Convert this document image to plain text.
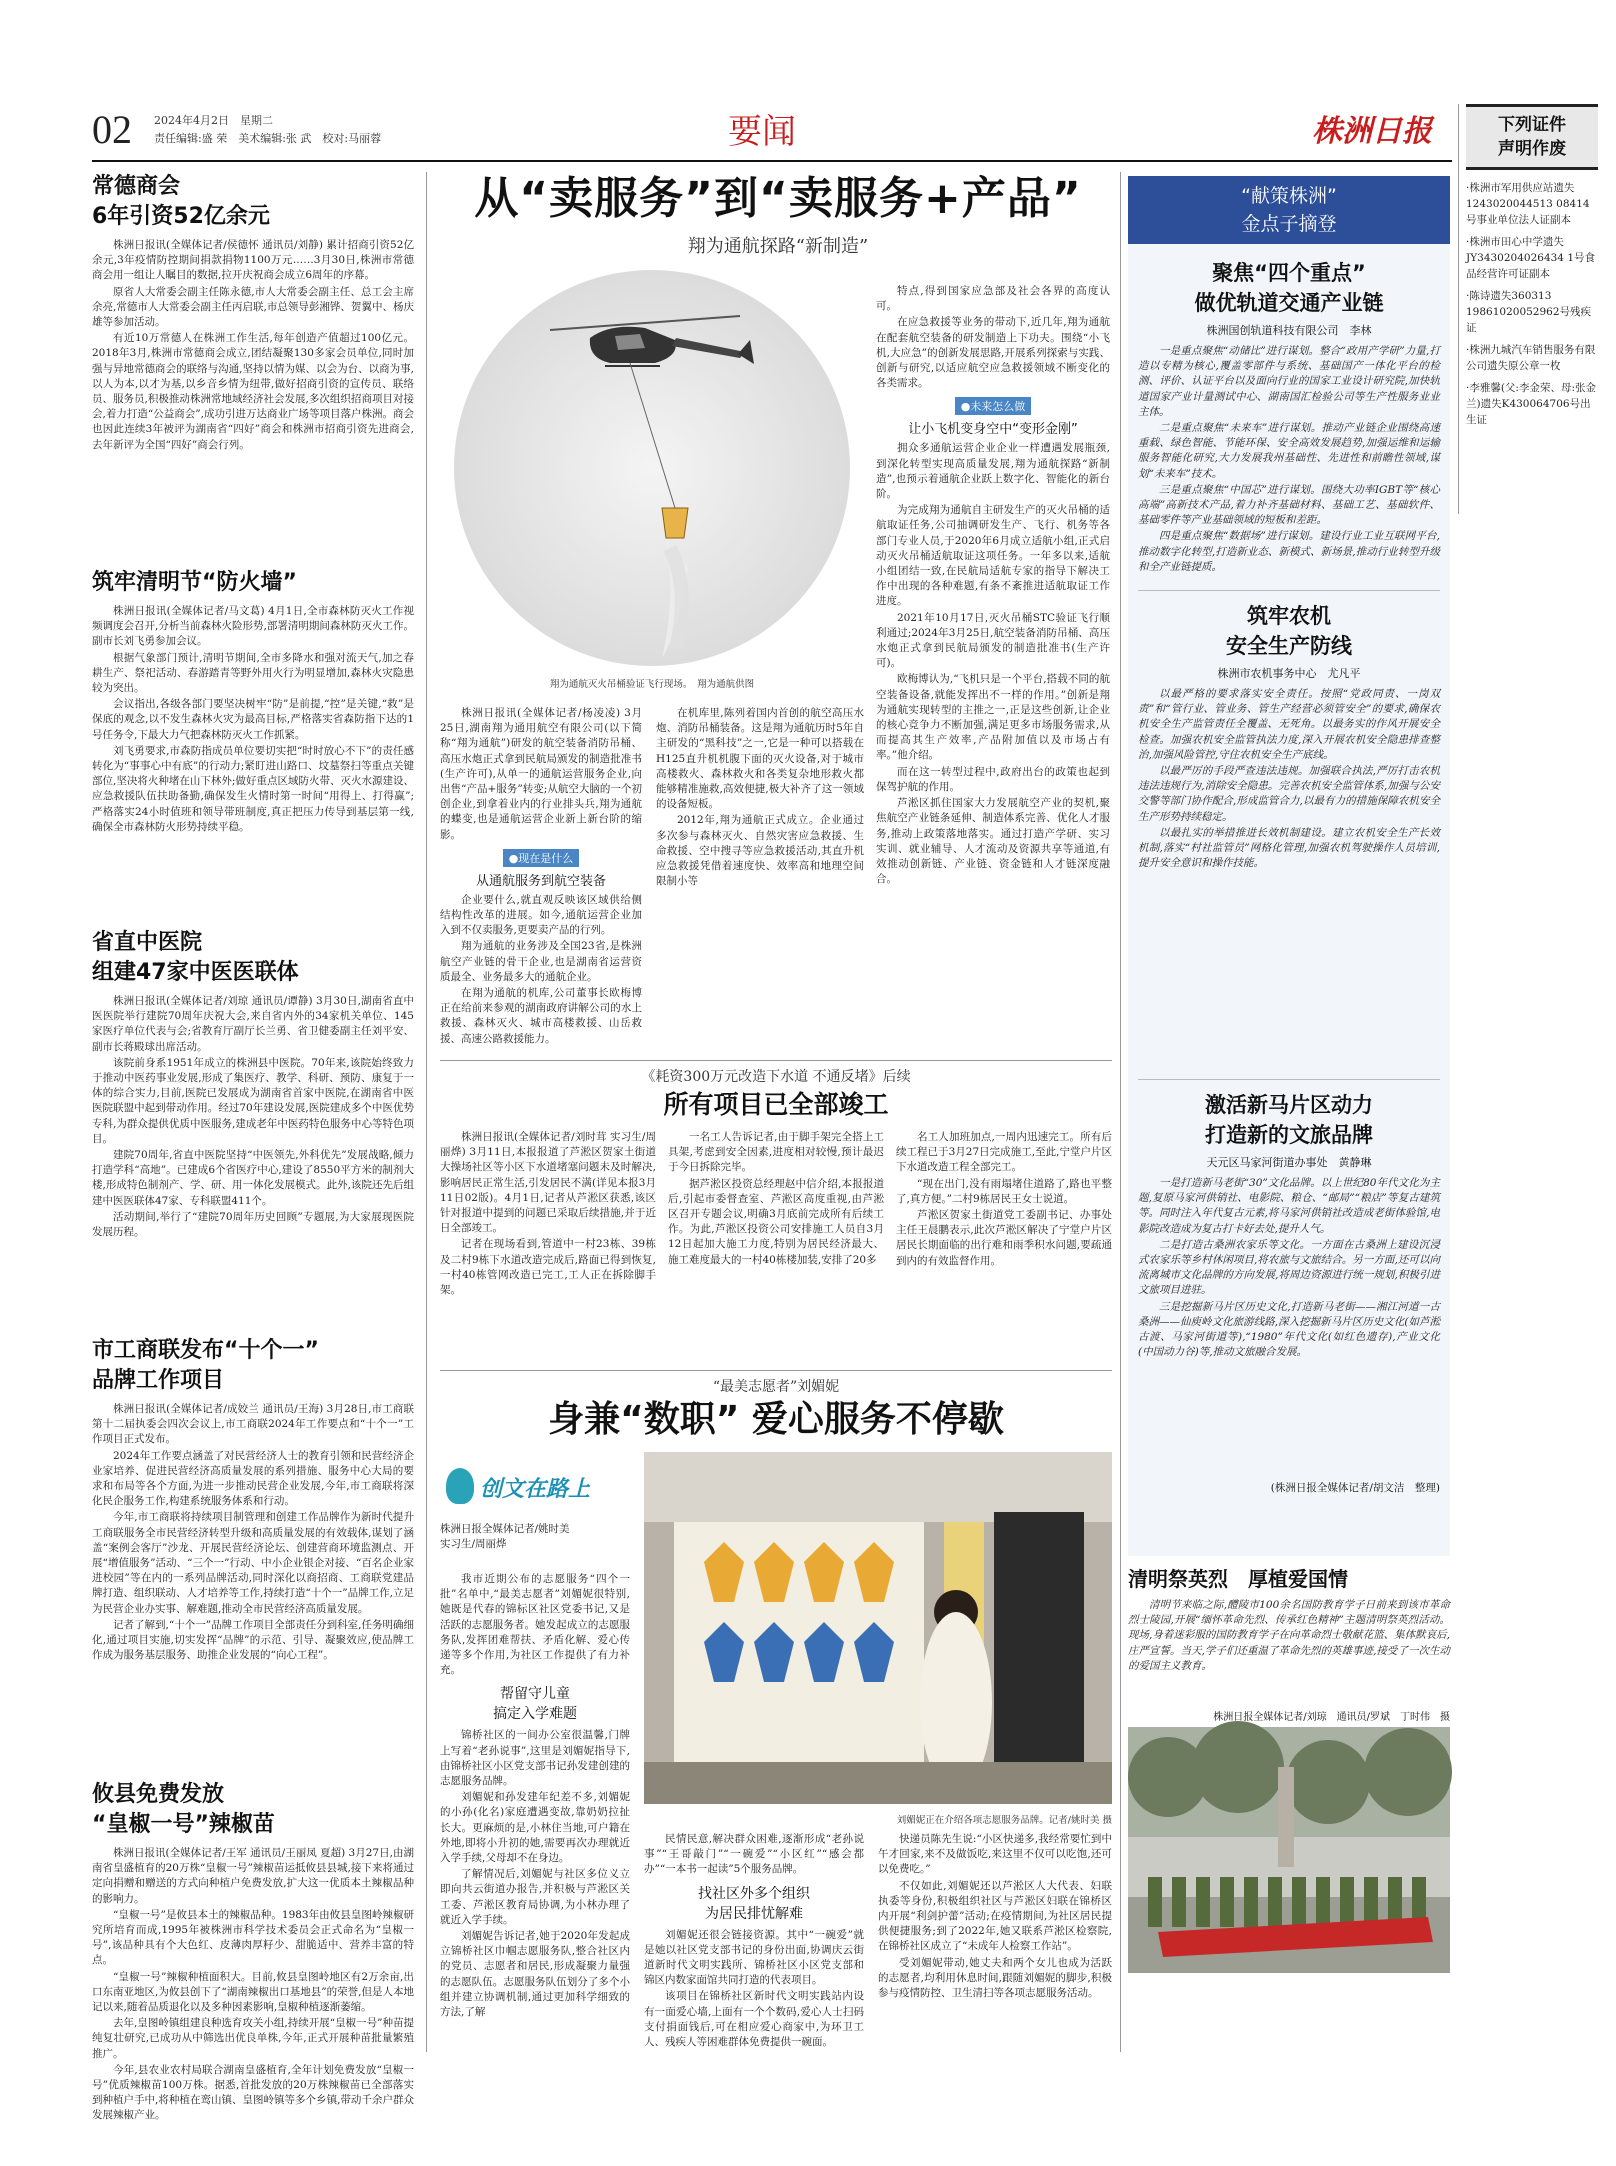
02 2024年4月2日　星期二
责任编辑:盛 荣　美术编辑:张 武　校对:马丽蓉	要闻	株洲日报	下列证件
声明作废
·株洲市军用供应站遗失1243020044513 08414号事业单位法人证副本
·株洲市田心中学遗失JY3430204026434 1号食品经营许可证副本
·陈诗遗失360313 19861020052962号残疾证
·株洲九城汽车销售服务有限公司遗失原公章一枚
·李雅馨(父:李金荣、母:张金兰)遗失K430064706号出生证
常德商会
6年引资52亿余元

株洲日报讯(全媒体记者/侯德怀 通讯员/刘静) 累计招商引资52亿余元,3年疫情防控期间捐款捐物1100万元……3月30日,株洲市常德商会用一组让人瞩目的数据,拉开庆祝商会成立6周年的序幕。

原省人大常委会副主任陈永德,市人大常委会副主任、总工会主席余亮,常德市人大常委会副主任丙启联,市总领导彭湘铧、贺翼中、杨庆雄等参加活动。

有近10万常德人在株洲工作生活,每年创造产值超过100亿元。2018年3月,株洲市常德商会成立,团结凝聚130多家会员单位,同时加强与异地常德商会的联络与沟通,坚持以情为媒、以会为台、以商为事,以人为本,以才为基,以乡音乡情为纽带,做好招商引资的宣传员、联络员、服务员,积极推动株洲常地域经济社会发展,多次组织招商项目对接会,着力打造“公益商会”,成功引进万达商业广场等项目落户株洲。商会也因此连续3年被评为湖南省“四好”商会和株洲市招商引资先进商会,去年新评为全国“四好”商会行列。

筑牢清明节“防火墙”

株洲日报讯(全媒体记者/马文葛) 4月1日,全市森林防灭火工作视频调度会召开,分析当前森林火险形势,部署清明期间森林防灭火工作。副市长刘飞勇参加会议。

根据气象部门预计,清明节期间,全市多降水和强对流天气,加之春耕生产、祭祀活动、春游踏青等野外用火行为明显增加,森林火灾隐患较为突出。

会议指出,各级各部门要坚决树牢“防”是前提,“控”是关键,“救”是保底的观念,以不发生森林火灾为最高目标,严格落实省森防指下达的1号任务令,下最大力气把森林防灭火工作抓紧。

刘飞勇要求,市森防指成员单位要切实把“时时放心不下”的责任感转化为“事事心中有底”的行动力;紧盯进山路口、坟墓祭扫等重点关键部位,坚决将火种堵在山下林外;做好重点区域防火带、灭火水源建设、应急救援队伍扶助备勤,确保发生火情时第一时间“用得上、打得赢”;严格落实24小时值班和领导带班制度,真正把压力传导到基层第一线,确保全市森林防火形势持续平稳。

省直中医院
组建47家中医医联体

株洲日报讯(全媒体记者/刘琼 通讯员/谭静) 3月30日,湖南省直中医医院举行建院70周年庆祝大会,来自省内外的34家机关单位、145家医疗单位代表与会;省教育厅副厅长兰勇、省卫健委副主任刘平安、副市长蒋殿球出席活动。

该院前身系1951年成立的株洲县中医院。70年来,该院始终致力于推动中医药事业发展,形成了集医疗、教学、科研、预防、康复于一体的综合实力,目前,医院已发展成为湖南省首家中医院,在湖南省中医医院联盟中起到带动作用。经过70年建设发展,医院建成多个中医优势专科,为群众提供优质中医服务,建成老年中医药特色服务中心等特色项目。

建院70周年,省直中医院坚持“中医领先,外科优先”发展战略,倾力打造学科“高地”。已建成6个省医疗中心,建设了8550平方米的制剂大楼,形成特色制剂产、学、研、用一体化发展模式。此外,该院还先后组建中医医联体47家、专科联盟411个。

活动期间,举行了“建院70周年历史回顾”专题展,为大家展现医院发展历程。

市工商联发布“十个一”
品牌工作项目

株洲日报讯(全媒体记者/成姣兰 通讯员/王海) 3月28日,市工商联第十二届执委会四次会议上,市工商联2024年工作要点和“十个一”工作项目正式发布。

2024年工作要点涵盖了对民营经济人士的教育引领和民营经济企业家培养、促进民营经济高质量发展的系列措施、服务中心大局的要求和布局等各个方面,为进一步推动民营企业发展,今年,市工商联将深化民企服务工作,构建系统服务体系和行动。

今年,市工商联将持续项目制管理和创建工作品牌作为新时代提升工商联服务全市民营经济转型升级和高质量发展的有效载体,谋划了涵盖“案例会客厅”沙龙、开展民营经济论坛、创建营商环境监测点、开展“增值服务”活动、“三个一”行动、中小企业银企对接、“百名企业家进校园”等在内的一系列品牌活动,同时深化以商招商、工商联党建品牌打造、组织联动、人才培养等工作,持续打造“十个一”品牌工作,立足为民营企业办实事、解难题,推动全市民营经济高质量发展。

记者了解到,“十个一”品牌工作项目全部责任分到科室,任务明确细化,通过项目实施,切实发挥“品牌”的示范、引导、凝聚效应,使品牌工作成为服务基层服务、助推企业发展的“向心工程”。

攸县免费发放
“皇椒一号”辣椒苗

株洲日报讯(全媒体记者/王军 通讯员/王丽凤 夏超) 3月27日,由湖南省皇盛植育的20万株“皇椒一号”辣椒苗运抵攸县县城,接下来将通过定向捐赠和赠送的方式向种植户免费发放,扩大这一优质本土辣椒品种的影响力。

“皇椒一号”是攸县本土的辣椒品种。1983年由攸县皇图岭辣椒研究所培育而成,1995年被株洲市科学技术委员会正式命名为“皇椒一号”,该品种具有个大色红、皮薄肉厚籽少、甜脆适中、营养丰富的特点。

“皇椒一号”辣椒种植面积大。目前,攸县皇图岭地区有2万余亩,出口东南亚地区,为攸县创下了“湖南辣椒出口基地县”的荣誉,但是人本地记以来,随着品质退化以及多种因素影响,皇椒种植逐渐萎缩。

去年,皇图岭镇组建良种选育攻关小组,持续开展“皇椒一号”种苗提纯复壮研究,已成功从中筛选出优良单株,今年,正式开展种苗批量繁殖推广。

今年,县农业农村局联合湖南皇盛植育,全年计划免费发放“皇椒一号”优质辣椒苗100万株。据悉,首批发放的20万株辣椒苗已全部落实到种植户手中,将种植在鸾山镇、皇图岭镇等多个乡镇,带动千余户群众发展辣椒产业。

从“卖服务”到“卖服务+产品”
翔为通航探路“新制造”
翔为通航灭火吊桶验证飞行现场。　翔为通航供图

特点,得到国家应急部及社会各界的高度认可。

在应急救援等业务的带动下,近几年,翔为通航在配套航空装备的研发制造上下功夫。围绕“小飞机,大应急”的创新发展思路,开展系列探索与实践、创新与研究,以适应航空应急救援领域不断变化的各类需求。

●未来怎么做
让小飞机变身空中“变形金刚”

拥众多通航运营企业企业一样遭遇发展瓶颈,到深化转型实现高质量发展,翔为通航探路“新制造”,也预示着通航企业跃上数字化、智能化的新台阶。

为完成翔为通航自主研发生产的灭火吊桶的适航取证任务,公司抽调研发生产、飞行、机务等各部门专业人员,于2020年6月成立适航小组,正式启动灭火吊桶适航取证这项任务。一年多以来,适航小组团结一致,在民航局适航专家的指导下解决工作中出现的各种难题,有条不紊推进适航取证工作进度。

2021年10月17日,灭火吊桶STC验证飞行顺利通过;2024年3月25日,航空装备消防吊桶、高压水炮正式拿到民航局颁发的制造批准书(生产许可)。

欧梅博认为,“飞机只是一个平台,搭载不同的航空装备设备,就能发挥出不一样的作用。”创新是翔为通航实现转型的主推之一,正是这些创新,让企业的核心竞争力不断加强,满足更多市场服务需求,从而提高其生产效率,产品附加值以及市场占有率。”他介绍。

而在这一转型过程中,政府出台的政策也起到保驾护航的作用。

芦淞区抓住国家大力发展航空产业的契机,聚焦航空产业链条延伸、制造体系完善、优化人才服务,推动上政策落地落实。通过打造产学研、实习实训、就业辅导、人才流动及资源共享等通道,有效推动创新链、产业链、资金链和人才链深度融合。

株洲日报讯(全媒体记者/杨凌凌) 3月25日,湖南翔为通用航空有限公司(以下简称“翔为通航”)研发的航空装备消防吊桶、高压水炮正式拿到民航局颁发的制造批准书(生产许可),从单一的通航运营服务企业,向出售“产品+服务”转变;从航空大脑的一个初创企业,到拿着业内的行业排头兵,翔为通航的蝶变,也是通航运营企业新上新台阶的缩影。

●现在是什么
从通航服务到航空装备

企业要什么,就直观反映该区域供给侧结构性改革的进展。如今,通航运营企业加入到不仅卖服务,更要卖产品的行列。

翔为通航的业务涉及全国23省,是株洲航空产业链的骨干企业,也是湖南省运营资质最全、业务最多大的通航企业。

在翔为通航的机库,公司董事长欧梅博正在给前来参观的湖南政府讲解公司的水上救援、森林灭火、城市高楼救援、山岳救援、高速公路救援能力。

在机库里,陈列着国内首创的航空高压水炮、消防吊桶装备。这是翔为通航历时5年自主研发的“黑科技”之一,它是一种可以搭载在H125直升机机腹下面的灭火设备,对于城市高楼救火、森林救火和各类复杂地形救火都能够精准施救,高效便捷,极大补齐了这一领域的设备短板。

2012年,翔为通航正式成立。企业通过多次参与森林灭火、自然灾害应急救援、生命救援、空中搜寻等应急救援活动,其直升机应急救援凭借着速度快、效率高和地理空间限制小等

《耗资300万元改造下水道 不通反堵》后续
所有项目已全部竣工

株洲日报讯(全媒体记者/刘时茸 实习生/周丽烨) 3月11日,本报报道了芦淞区贺家土街道大操场社区等小区下水道堵塞问题未及时解决,影响居民正常生活,引发居民不满(详见本报3月11日02版)。4月1日,记者从芦淞区获悉,该区针对报道中提到的问题已采取后续措施,并于近日全部竣工。

记者在现场看到,管道中一村23栋、39栋及二村9栋下水道改造完成后,路面已得到恢复,一村40栋管网改造已完工,工人正在拆除脚手架。

一名工人告诉记者,由于脚手架完全搭上工具架,考虑到安全因素,进度相对较慢,预计最迟于今日拆除完毕。

据芦淞区投资总经理赵中信介绍,本报报道后,引起市委督查室、芦淞区高度重视,由芦淞区召开专题会议,明确3月底前完成所有后续工作。为此,芦淞区投资公司安排施工人员自3月12日起加大施工力度,特别为居民经济最大、施工难度最大的一村40栋楼加装,安排了20多

名工人加班加点,一周内迅速完工。所有后续工程已于3月27日完成施工,至此,宁堂户片区下水道改造工程全部完工。

“现在出门,没有雨塌堵住道路了,路也平整了,真方便。”二村9栋居民王女士说道。

芦淞区贺家土街道党工委副书记、办事处主任王晨鹏表示,此次芦淞区解决了宁堂户片区居民长期面临的出行难和雨季积水问题,要疏通到内的有效监督作用。

“最美志愿者”刘媚妮
身兼“数职” 爱心服务不停歇
创文在路上
株洲日报全媒体记者/姚时美
实习生/周丽烨

我市近期公布的志愿服务“四个一批”名单中,“最美志愿者”刘媚妮很特别,她既是代春的锦标区社区党委书记,又是活跃的志愿服务者。她发起成立的志愿服务队,发挥团难帮扶、矛盾化解、爱心传递等多个作用,为社区工作提供了有力补充。

帮留守儿童
搞定入学难题

锦桥社区的一间办公室很温馨,门牌上写着“老孙说事”,这里是刘媚妮指导下,由锦桥社区小区党支部书记孙发建创建的志愿服务品牌。

刘媚妮和孙发建年纪差不多,刘媚妮的小孙(化名)家庭遭遇变故,靠奶奶拉扯长大。更麻烦的是,小林住当地,可户籍在外地,即将小升初的她,需要再次办理就近入学手续,父母却不在身边。

了解情况后,刘媚妮与社区多位义立即向共云街道办报告,并积极与芦淞区关工委、芦淞区教育局协调,为小林办理了就近入学手续。

刘媚妮告诉记者,她于2020年发起成立锦桥社区巾帼志愿服务队,整合社区内的党员、志愿者和居民,形成凝聚力量强的志愿队伍。志愿服务队伍划分了多个小组并建立协调机制,通过更加科学细致的方法,了解

刘媚妮正在介绍各项志愿服务品牌。记者/姚时美 摄

民情民意,解决群众困难,逐渐形成“老孙说事”“王哥敲门”“一碗爱”“小区红”“感会都办”“一本书一起读”5个服务品牌。

找社区外多个组织
为居民排忧解难

刘媚妮还很会链接资源。其中“一碗爱”就是她以社区党支部书记的身份出面,协调庆云街道新时代文明实践所、锦桥社区小区党支部和锦区内数家面馆共同打造的代表项目。

该项目在锦桥社区新时代文明实践站内设有一面爱心墙,上面有一个个数码,爱心人士扫码支付捐面钱后,可在相应爱心商家中,为环卫工人、残疾人等困难群体免费提供一碗面。

快递员陈先生说:“小区快递多,我经常要忙到中午才回家,来不及做饭吃,来这里不仅可以吃饱,还可以免费吃。”

不仅如此,刘媚妮还以芦淞区人大代表、妇联执委等身份,积极组织社区与芦淞区妇联在锦桥区内开展“利剑护蕾”活动;在疫情期间,为社区居民提供便捷服务;到了2022年,她又联系芦淞区检察院,在锦桥社区成立了“未成年人检察工作站”。

受刘媚妮带动,她丈夫和两个女儿也成为活跃的志愿者,均利用休息时间,跟随刘媚妮的脚步,积极参与疫情防控、卫生清扫等各项志愿服务活动。

“献策株洲”
金点子摘登
聚焦“四个重点”
做优轨道交通产业链
株洲国创轨道科技有限公司　李林

一是重点聚焦“动储比”进行谋划。整合“政用产学研”力量,打造以专精为核心,覆盖零部件与系统、基础国产一体化平台的检测、评价、认证平台以及面向行业的国家工业设计研究院,加快轨道国家产业计量测试中心、湖南国汇检验公司等生产性服务业业主体。

二是重点聚焦“未来车”进行谋划。推动产业链企业围绕高速重载、绿色智能、节能环保、安全高效发展趋势,加强运维和运输服务智能化研究,大力发展我州基础性、先进性和前瞻性领域,谋划“未来车”技术。

三是重点聚焦“中国芯”进行谋划。围绕大功率IGBT等“核心高端”高新技术产品,着力补齐基础材料、基础工艺、基础软件、基础零件等产业基础领域的短板和差距。

四是重点聚焦“数据场”进行谋划。建设行业工业互联网平台,推动数字化转型,打造新业态、新模式、新场景,推动行业转型升级和全产业链提质。

筑牢农机
安全生产防线
株洲市农机事务中心　尤凡平

以最严格的要求落实安全责任。按照“党政同责、一岗双责”和“管行业、管业务、管生产经营必须管安全”的要求,确保农机安全生产监管责任全覆盖、无死角。以最务实的作风开展安全检查。加强农机安全监管执法力度,深入开展农机安全隐患排查整治,加强风险管控,守住农机安全生产底线。

以最严厉的手段严查违法违规。加强联合执法,严厉打击农机违法违规行为,消除安全隐患。完善农机安全监管体系,加强与公安交警等部门协作配合,形成监管合力,以最有力的措施保障农机安全生产形势持续稳定。

以最扎实的举措推进长效机制建设。建立农机安全生产长效机制,落实“村社监管员”网格化管理,加强农机驾驶操作人员培训,提升安全意识和操作技能。

激活新马片区动力
打造新的文旅品牌
天元区马家河街道办事处　黄静琳

一是打造新马老街“30”文化品牌。以上世纪80年代文化为主题,复原马家河供销社、电影院、粮仓、“邮局”“粮店”等复古建筑等。同时注入年代复古元素,将马家河供销社改造成老街体验馆,电影院改造成为复古打卡好去处,提升人气。

二是打造古桑洲农家乐等文化。一方面在古桑洲上建设沉浸式农家乐等乡村休闲项目,将农旅与文旅结合。另一方面,还可以向流离城市文化品牌的方向发展,将周边资源进行统一规划,积极引进文旅项目进驻。

三是挖掘新马片区历史文化,打造新马老街——湘江河道一古桑洲——仙庾岭文化旅游线路,深入挖掘新马片区历史文化(如芦淞古渡、马家河街道等),“1980”年代文化(如红色遗存),产业文化(中国动力谷)等,推动文旅融合发展。

(株洲日报全媒体记者/胡文洁　整理)
清明祭英烈　厚植爱国情

清明节来临之际,醴陵市100余名国防教育学子日前来到该市革命烈士陵园,开展“缅怀革命先烈、传承红色精神”主题清明祭英烈活动。现场,身着迷彩服的国防教育学子在向革命烈士敬献花篮、集体默哀后,庄严宣誓。当天,学子们还重温了革命先烈的英雄事迹,接受了一次生动的爱国主义教育。

株洲日报全媒体记者/刘琼　通讯员/罗斌　丁时伟　摄
